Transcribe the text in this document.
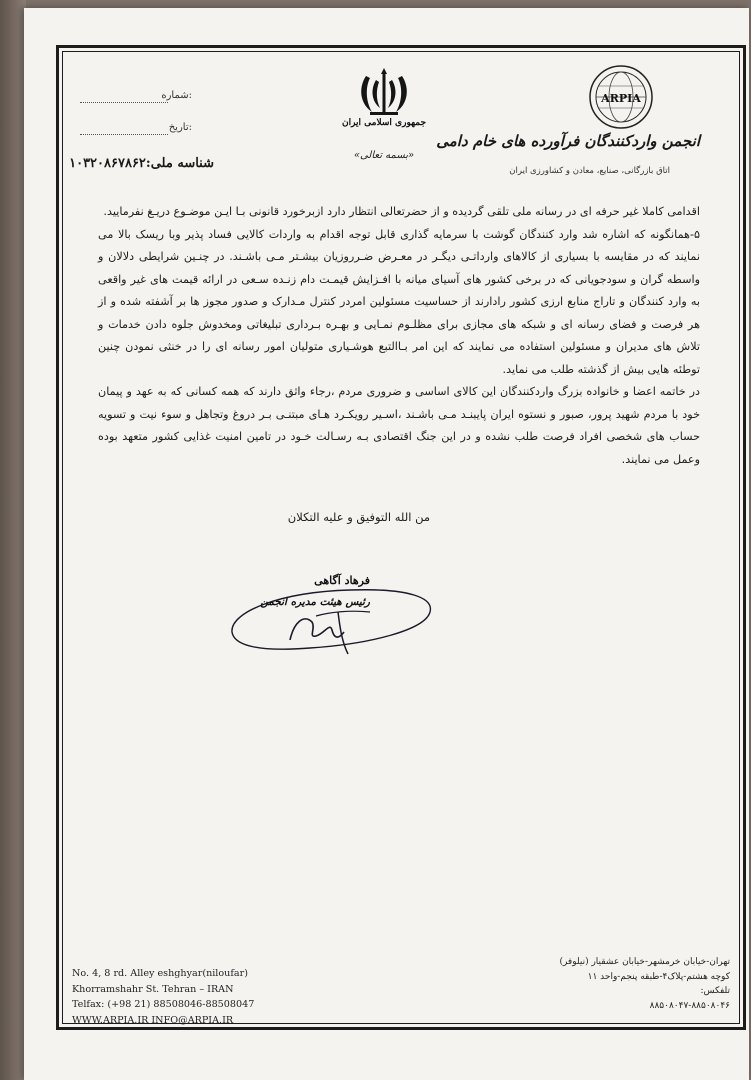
شماره:
تاریخ:
شناسه ملی:۱۰۳۲۰۸۶۷۸۶۲
جمهوری اسلامی ایران
«بسمه تعالی»
ARPIA
انجمن واردکنندگان فرآورده های خام دامی
اتاق بازرگانی، صنایع، معادن و کشاورزی ایران

اقدامی کاملا غیر حرفه ای در رسانه ملی تلقی گردیده و از حضرتعالی انتظار دارد ازبرخورد قانونی بـا ایـن موضـوع دریـغ نفرمایید.

۵-همانگونه که اشاره شد وارد کنندگان گوشت با سرمایه گذاری قابل توجه اقدام به واردات کالایی فساد پذیر وبا ریسک بالا می نمایند که در مقایسه با بسیاری از کالاهای وارداتـی دیگـر در معـرض ضـرروزیان بیشـتر مـی باشـند. در چنـین شرایطی دلالان و واسطه گران و سودجویانی که در برخی کشور های آسیای میانه با افـزایش قیمـت دام زنـده سـعی در ارائه قیمت های غیر واقعی به وارد کنندگان و تاراج منابع ارزی کشور رادارند از حساسیت مسئولین امردر کنترل مـدارک و صدور مجوز ها بر آشفته شده و از هر فرصت و فضای رسانه ای و شبکه های مجازی برای مظلـوم نمـایی و بهـره بـرداری تبلیغاتی ومخدوش جلوه دادن خدمات و تلاش های مدیران و مسئولین استفاده می نمایند که این امر بـاالتبع هوشـیاری متولیان امور رسانه ای را در خنثی نمودن چنین توطئه هایی بیش از گذشته طلب می نماید.

در خاتمه اعضا و خانواده بزرگ واردکنندگان این کالای اساسی و ضروری مردم ،رجاء واثق دارند که همه کسانی که به عهد و پیمان خود با مردم شهید پرور، صبور و نستوه ایران پایبنـد مـی باشـند ،اسـیر رویکـرد هـای مبتنـی بـر دروغ وتجاهل و سوء نیت و تسویه حساب های شخصی افراد فرصت طلب نشده و در این جنگ اقتصادی بـه رسـالت خـود در تامین امنیت غذایی کشور متعهد بوده وعمل می نمایند.

من الله التوفیق و علیه التکلان
فرهاد آگاهی
رئیس هیئت مدیره انجمن
No. 4, 8 rd. Alley eshghyar(niloufar)
Khorramshahr St. Tehran – IRAN
Telfax: (+98 21) 88508046-88508047
WWW.ARPIA.IR INFO@ARPIA.IR
تهران-خیابان خرمشهر-خیابان عشقیار (نیلوفر)
کوچه هشتم-پلاک۴-طبقه پنجم-واحد ۱۱
تلفکس:
۸۸۵۰۸۰۴۷-۸۸۵۰۸۰۴۶
